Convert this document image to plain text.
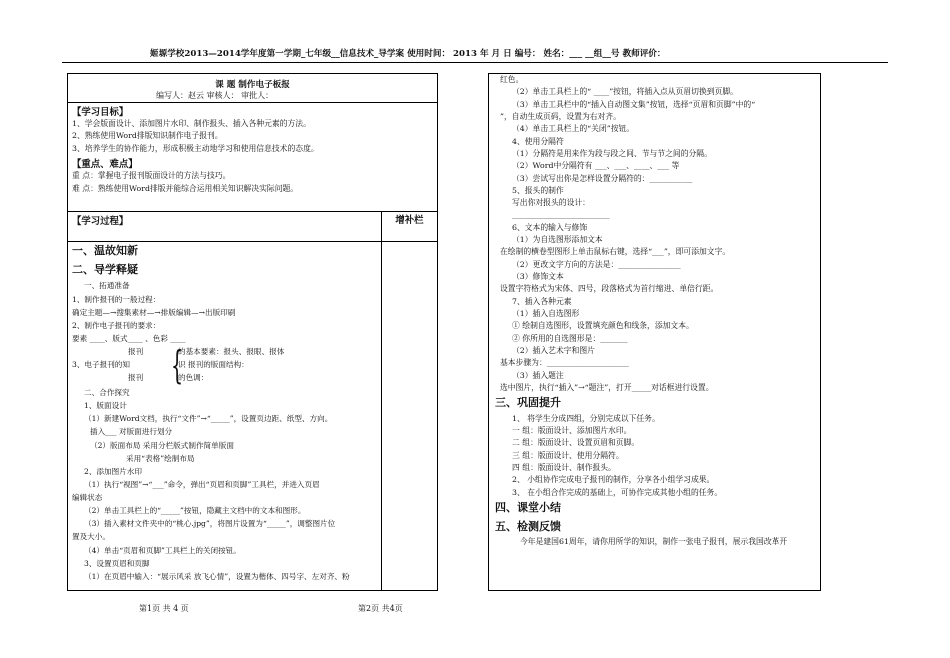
姬塬学校2013—2014学年度第一学期_七年级__信息技术_导学案 使用时间： 2013 年 月 日 编号： 姓名：___ __组__号 教师评价：
课 题 制作电子板报
编写人：赵云 审核人： 审批人：
【学习目标】
1、学会版面设计、添加图片水印、制作报头、插入各种元素的方法。
2、熟练使用Word排版知识制作电子报刊。
3、培养学生的协作能力，形成积极主动地学习和使用信息技术的态度。
【重点、难点】
重 点：掌握电子报刊版面设计的方法与技巧。
难 点：熟练使用Word排版并能综合运用相关知识解决实际问题。
【学习过程】	增补栏
一、温故知新
二、导学释疑
一、拓通准备
1、制作报刊的一般过程：
确定主题—→搜集素材—→排版编辑—→出版印刷
2、制作电子报刊的要求：
要素 ____、版式____ 、色彩 ____
报刊
3、电子报刊的知
报刊 {
的基本要素：报头、报眼、报体
识 报刊的版面结构：
的色调：
二、合作探究
1、版面设计
（1）新建Word文档，执行“文件”→“_____”，设置页边距、纸型、方向。
插入___ 对版面进行划分
（2）版面布局 采用分栏版式制作简单版面
采用“表格”绘制布局
2、添加图片水印
（1）执行“视图”→“___”命令，弹出“页眉和页脚”工具栏，并进入页眉
编辑状态
（2）单击工具栏上的“_____”按钮，隐藏主文档中的文本和图形。
（3）插入素材文件夹中的“桃心.jpg”，将图片设置为“_____”，调整图片位
置及大小。
（4）单击“页眉和页脚”工具栏上的关闭按钮。
3、设置页眉和页脚
（1）在页眉中输入：“展示风采 放飞心情”，设置为楷体、四号字、左对齐、粉
红色。
（2）单击工具栏上的“ ____”按钮，将插入点从页眉切换到页脚。
（3）单击工具栏中的“插入自动图文集”按钮，选择“页眉和页脚”中的“
”，自动生成页码，设置为右对齐。
（4）单击工具栏上的“关闭”按钮。
4、使用分隔符
（1）分隔符是用来作为段与段之间、节与节之间的分隔。
（2）Word中分隔符有 ___、___、____、___ 等
（3）尝试写出你是怎样设置分隔符的：___________
5、报头的制作
写出你对报头的设计：
_________________________
6、文本的输入与修饰
（1）为自选图形添加文本
在绘制的横卷型图形上单击鼠标右键，选择“___”，即可添加文字。
（2）更改文字方向的方法是：________________
（3）修饰文本
设置字符格式为宋体、四号，段落格式为首行缩进、单倍行距。
7、插入各种元素
（1）插入自选图形
① 绘制自选图形，设置填充颜色和线条，添加文本。
② 你所用的自选图形是：_______
（2）插入艺术字和图片
基本步骤为：_____________________
（3）插入题注
选中图片，执行“插入”→“题注”，打开_____对话框进行设置。
三、巩固提升
1、 将学生分成四组，分别完成以下任务。
一 组：版面设计、添加图片水印。
二 组：版面设计、设置页眉和页脚。
三 组：版面设计、使用分隔符。
四 组：版面设计、制作报头。
2、 小组协作完成电子报刊的制作，分享各小组学习成果。
3、 在小组合作完成的基础上，可协作完成其他小组的任务。
四、课堂小结
五、检测反馈
今年是建国61周年，请你用所学的知识，制作一张电子报刊，展示我国改革开
第1页 共 4 页	第2页 共4页
